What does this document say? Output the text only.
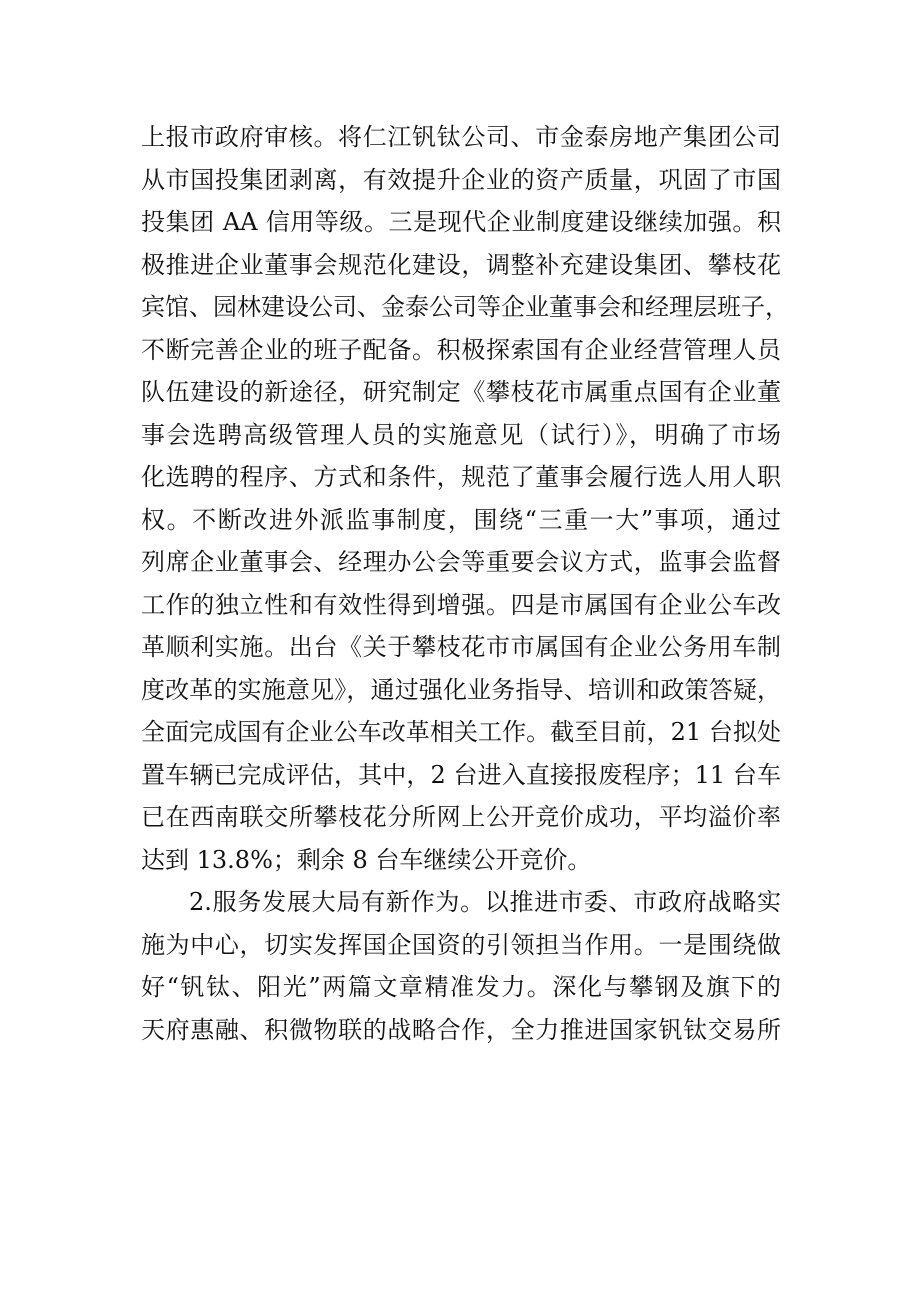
上报市政府审核。将仁江钒钛公司、市金泰房地产集团公司
从市国投集团剥离，有效提升企业的资产质量，巩固了市国
投集团 AA 信用等级。三是现代企业制度建设继续加强。积
极推进企业董事会规范化建设，调整补充建设集团、攀枝花
宾馆、园林建设公司、金泰公司等企业董事会和经理层班子，
不断完善企业的班子配备。积极探索国有企业经营管理人员
队伍建设的新途径，研究制定《攀枝花市属重点国有企业董
事会选聘高级管理人员的实施意见（试行）》，明确了市场
化选聘的程序、方式和条件，规范了董事会履行选人用人职
权。不断改进外派监事制度，围绕“三重一大”事项，通过
列席企业董事会、经理办公会等重要会议方式，监事会监督
工作的独立性和有效性得到增强。四是市属国有企业公车改
革顺利实施。出台《关于攀枝花市市属国有企业公务用车制
度改革的实施意见》，通过强化业务指导、培训和政策答疑，
全面完成国有企业公车改革相关工作。截至目前，21 台拟处
置车辆已完成评估，其中，2 台进入直接报废程序；11 台车
已在西南联交所攀枝花分所网上公开竞价成功，平均溢价率
达到 13.8%；剩余 8 台车继续公开竞价。
2.服务发展大局有新作为。以推进市委、市政府战略实
施为中心，切实发挥国企国资的引领担当作用。一是围绕做
好“钒钛、阳光”两篇文章精准发力。深化与攀钢及旗下的
天府惠融、积微物联的战略合作，全力推进国家钒钛交易所
